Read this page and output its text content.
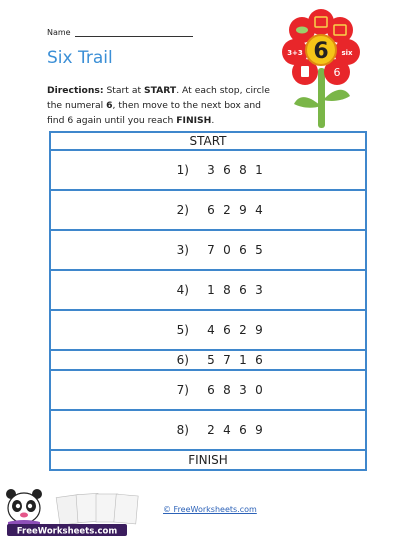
Name
Six Trail
Directions: Start at START. At each stop, circle the numeral 6, then move to the next box and find 6 again until you reach FINISH.
3+3	six
6
6
START
1)	3 6 8 1
2)	6 2 9 4
3)	7 0 6 5
4)	1 8 6 3
5)	4 6 2 9
6)	5 7 1 6
7)	6 8 3 0
8)	2 4 6 9
FINISH
© FreeWorksheets.com
FreeWorksheets.com
